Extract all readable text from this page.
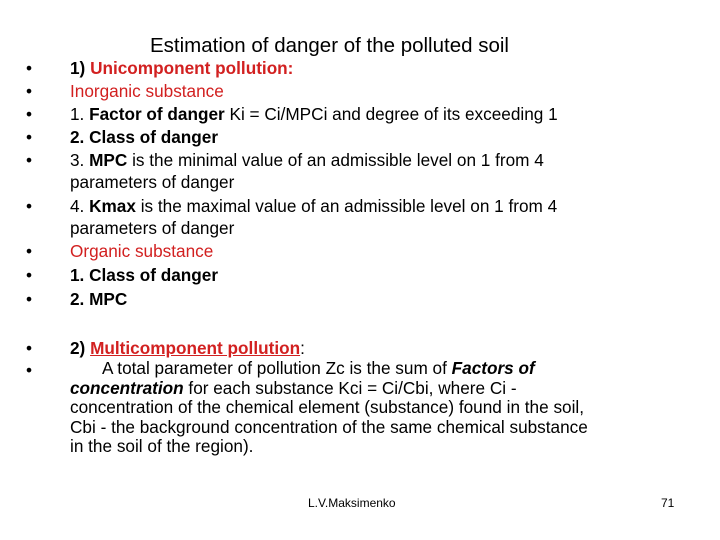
Estimation of danger of the polluted soil
•	1) Unicomponent pollution:
•	Inorganic substance
•	1. Factor of danger Ki = Ci/MPCi and degree of its exceeding 1
•	2. Class of danger
•	3. MPC is the minimal value of an admissible level on 1 from 4
parameters of danger
•	4. Kmax is the maximal value of an admissible level on 1 from 4
parameters of danger
•	Organic substance
•	1. Class of danger
•	2. MPC
•	2) Multicomponent pollution:
•	A total parameter of pollution Zc is the sum of Factors of
concentration for each substance Kci = Ci/Cbi, where Ci -
concentration of the chemical element (substance) found in the soil,
Cbi - the background concentration of the same chemical substance
in the soil of the region).
L.V.Maksimenko	71
